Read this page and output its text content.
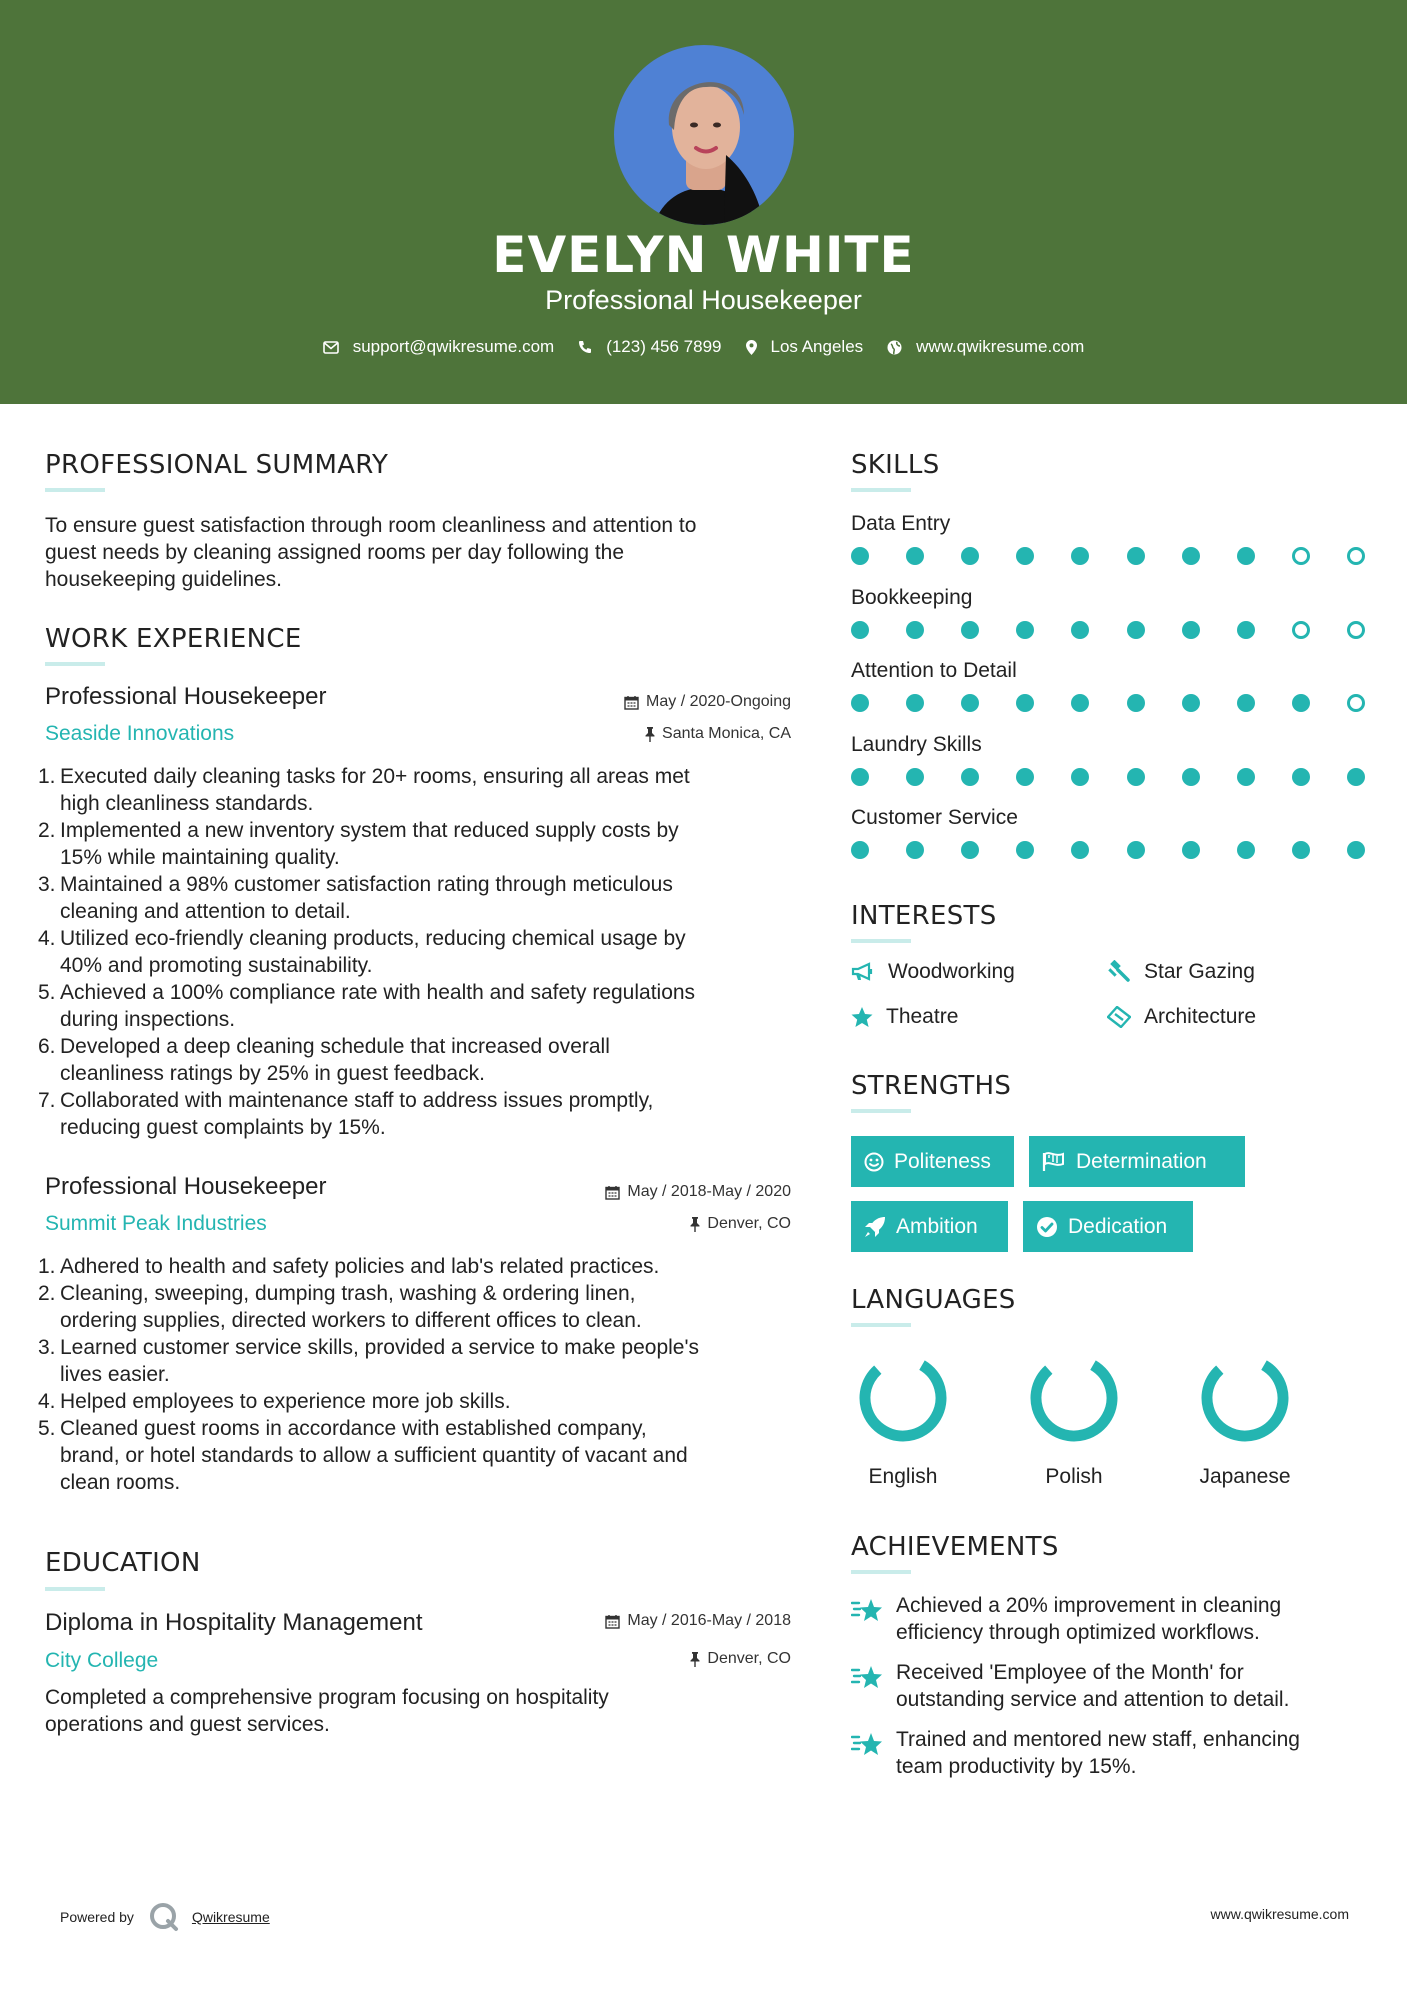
EVELYN WHITE
Professional Housekeeper
support@qwikresume.com	(123) 456 7899	Los Angeles	www.qwikresume.com
PROFESSIONAL SUMMARY
To ensure guest satisfaction through room cleanliness and attention to
guest needs by cleaning assigned rooms per day following the
housekeeping guidelines.
WORK EXPERIENCE
Professional Housekeeper	May / 2020-Ongoing
Seaside Innovations	Santa Monica, CA
1. Executed daily cleaning tasks for 20+ rooms, ensuring all areas met
high cleanliness standards.
2. Implemented a new inventory system that reduced supply costs by
15% while maintaining quality.
3. Maintained a 98% customer satisfaction rating through meticulous
cleaning and attention to detail.
4. Utilized eco-friendly cleaning products, reducing chemical usage by
40% and promoting sustainability.
5. Achieved a 100% compliance rate with health and safety regulations
during inspections.
6. Developed a deep cleaning schedule that increased overall
cleanliness ratings by 25% in guest feedback.
7. Collaborated with maintenance staff to address issues promptly,
reducing guest complaints by 15%.
Professional Housekeeper	May / 2018-May / 2020
Summit Peak Industries	Denver, CO
1. Adhered to health and safety policies and lab's related practices.
2. Cleaning, sweeping, dumping trash, washing & ordering linen,
ordering supplies, directed workers to different offices to clean.
3. Learned customer service skills, provided a service to make people's
lives easier.
4. Helped employees to experience more job skills.
5. Cleaned guest rooms in accordance with established company,
brand, or hotel standards to allow a sufficient quantity of vacant and
clean rooms.
EDUCATION
Diploma in Hospitality Management	May / 2016-May / 2018
City College	Denver, CO
Completed a comprehensive program focusing on hospitality
operations and guest services.
SKILLS
Data Entry
Bookkeeping
Attention to Detail
Laundry Skills
Customer Service
INTERESTS
Woodworking	Star Gazing
Theatre	Architecture
STRENGTHS
Politeness	Determination
Ambition	Dedication
LANGUAGES
English	Polish	Japanese
ACHIEVEMENTS
Achieved a 20% improvement in cleaning
efficiency through optimized workflows.
Received 'Employee of the Month' for
outstanding service and attention to detail.
Trained and mentored new staff, enhancing
team productivity by 15%.
Powered by	Qwikresume	www.qwikresume.com
